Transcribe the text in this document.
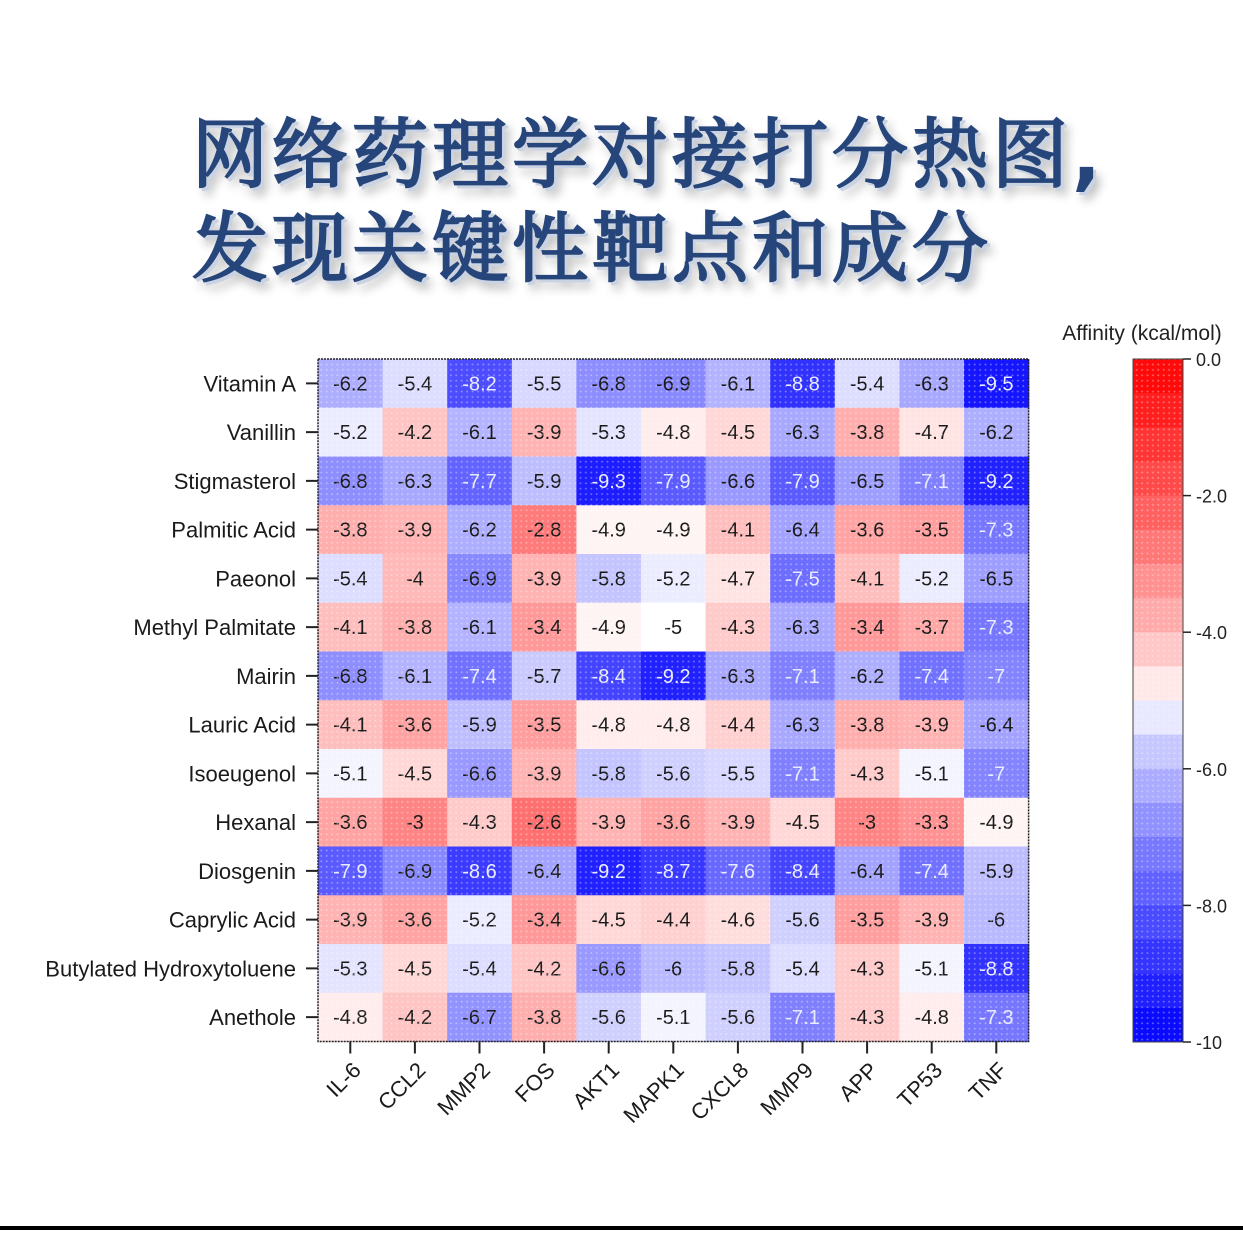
网络药理学对接打分热图,
发现关键性靶点和成分
Vitamin A
Vanillin
Stigmasterol
Palmitic Acid
Paeonol
Methyl Palmitate
Mairin
Lauric Acid
Isoeugenol
Hexanal
Diosgenin
Caprylic Acid
Butylated Hydroxytoluene
Anethole
IL-6 CCL2 MMP2 FOS AKT1
MAPK1
CXCL8 MMP9 APP TP53 TNF
Affinity (kcal/mol)
0.0
-2.0
-4.0
-6.0
-8.0
-10
